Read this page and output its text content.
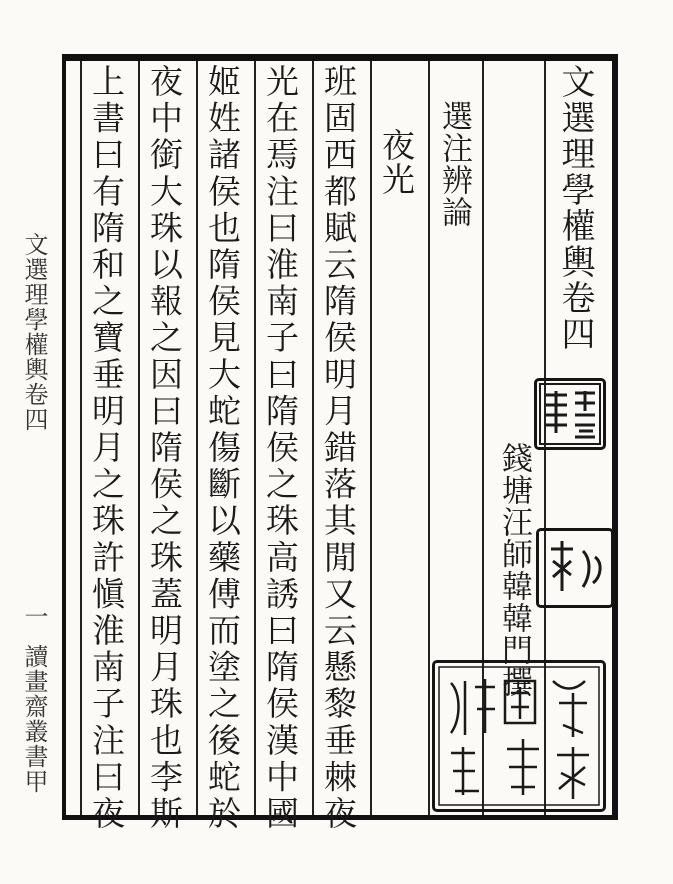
文選理學權輿卷四
錢塘汪師韓韓門撰
選注辨論
夜光
班固西都賦云隋侯明月錯落其閒又云懸黎垂棘夜
光在焉注曰淮南子曰隋侯之珠高誘曰隋侯漢中國
姬姓諸侯也隋侯見大蛇傷斷以藥傅而塗之後蛇於
夜中銜大珠以報之因曰隋侯之珠蓋明月珠也李斯
上書曰有隋和之寶垂明月之珠許愼淮南子注曰夜
文選理學權輿卷四
一
讀畫齋叢書甲
